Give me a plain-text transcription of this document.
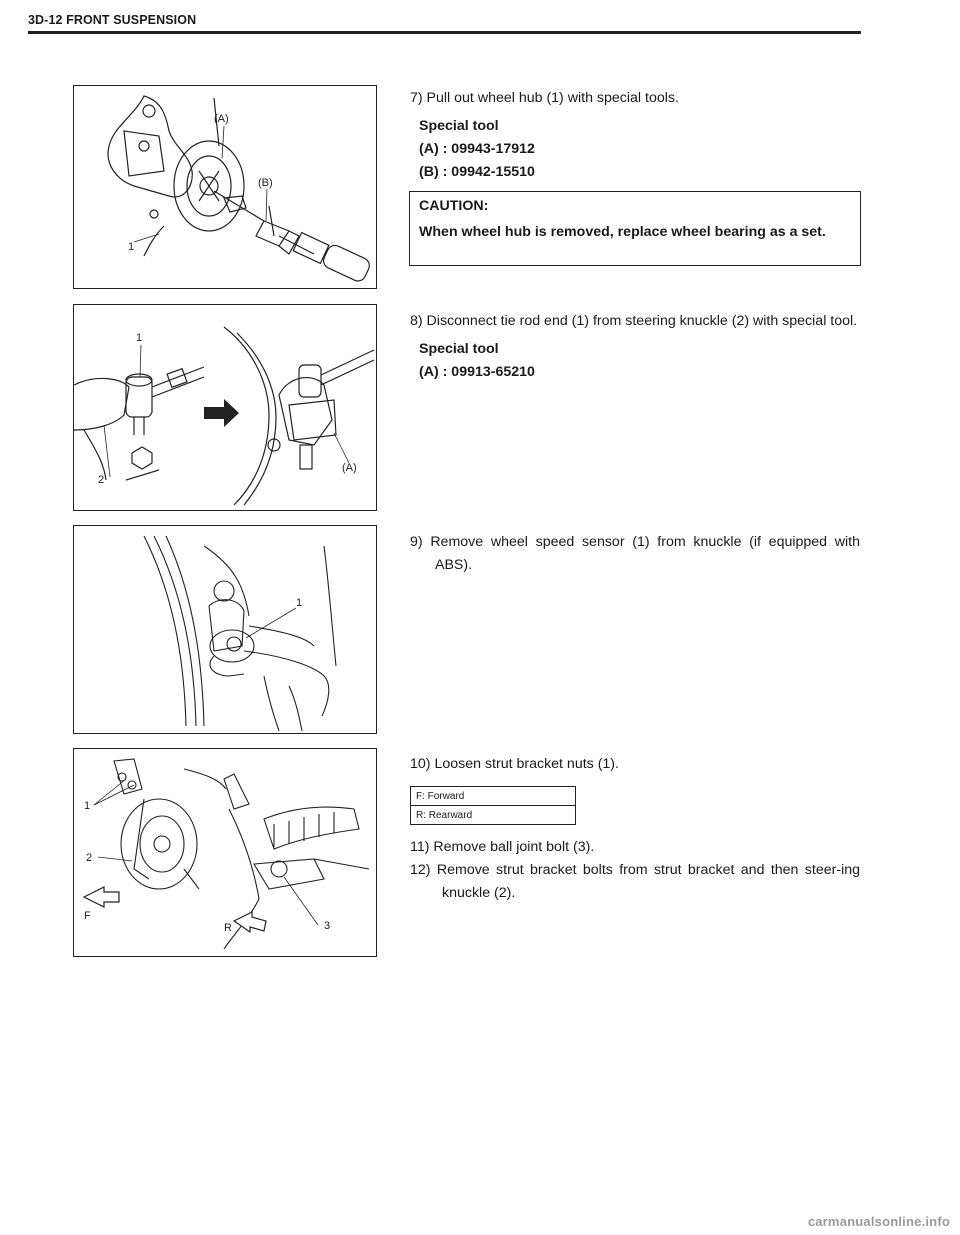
3D-12 FRONT SUSPENSION
(A)
(B)
1
1
2
(A)
1
1
2
3
F
R
7) Pull out wheel hub (1) with special tools.
Special tool
(A) : 09943-17912
(B) : 09942-15510
CAUTION:
When wheel hub is removed, replace wheel bearing as a set.
8) Disconnect tie rod end (1) from steering knuckle (2) with special tool.
Special tool
(A) : 09913-65210
9) Remove wheel speed sensor (1) from knuckle (if equipped with ABS).
10) Loosen strut bracket nuts (1).
F: Forward
R: Rearward
11) Remove ball joint bolt (3).
12) Remove strut bracket bolts from strut bracket and then steer-ing knuckle (2).
carmanualsonline.info
